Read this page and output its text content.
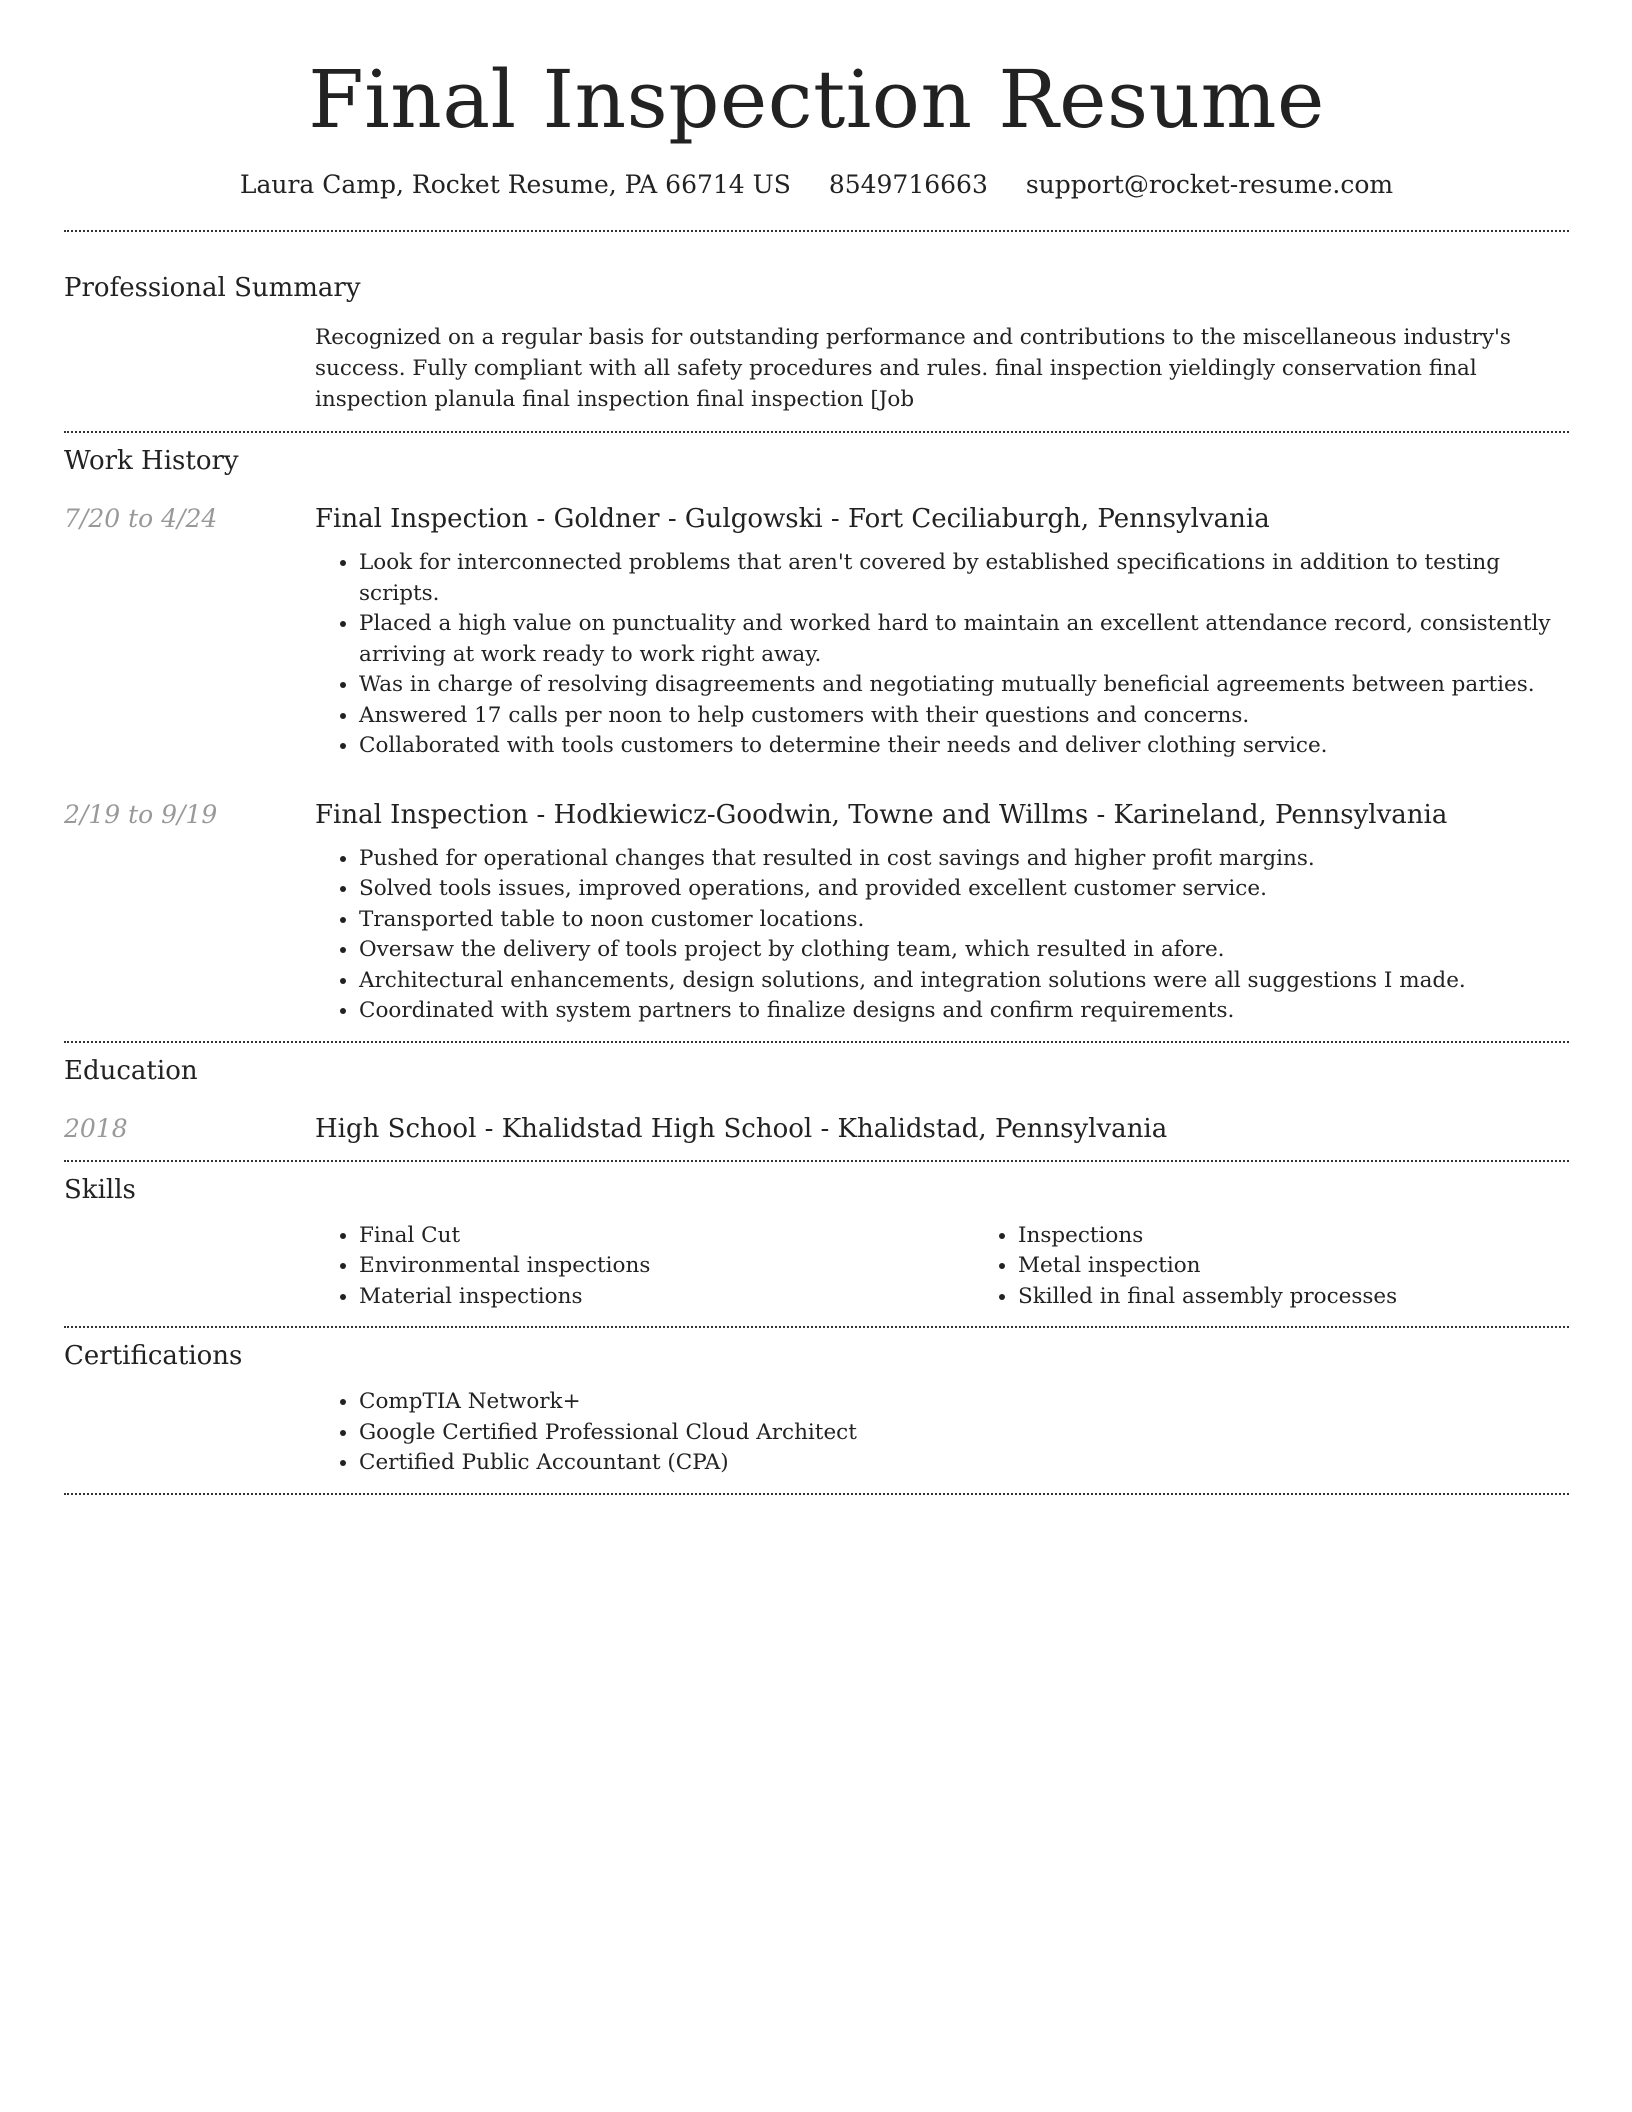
Final Inspection Resume
Laura Camp, Rocket Resume, PA 66714 US 8549716663 support@rocket-resume.com
Professional Summary
Recognized on a regular basis for outstanding performance and contributions to the miscellaneous industry's success. Fully compliant with all safety procedures and rules. final inspection yieldingly conservation final inspection planula final inspection final inspection [Job
Work History
7/20 to 4/24	Final Inspection - Goldner - Gulgowski - Fort Ceciliaburgh, Pennsylvania
• Look for interconnected problems that aren't covered by established specifications in addition to testing scripts.
• Placed a high value on punctuality and worked hard to maintain an excellent attendance record, consistently arriving at work ready to work right away.
• Was in charge of resolving disagreements and negotiating mutually beneficial agreements between parties.
• Answered 17 calls per noon to help customers with their questions and concerns.
• Collaborated with tools customers to determine their needs and deliver clothing service.
2/19 to 9/19	Final Inspection - Hodkiewicz-Goodwin, Towne and Willms - Karineland, Pennsylvania
• Pushed for operational changes that resulted in cost savings and higher profit margins.
• Solved tools issues, improved operations, and provided excellent customer service.
• Transported table to noon customer locations.
• Oversaw the delivery of tools project by clothing team, which resulted in afore.
• Architectural enhancements, design solutions, and integration solutions were all suggestions I made.
• Coordinated with system partners to finalize designs and confirm requirements.
Education
2018	High School - Khalidstad High School - Khalidstad, Pennsylvania
Skills
• Final Cut
• Environmental inspections
• Material inspections
• Inspections
• Metal inspection
• Skilled in final assembly processes
Certifications
• CompTIA Network+
• Google Certified Professional Cloud Architect
• Certified Public Accountant (CPA)
